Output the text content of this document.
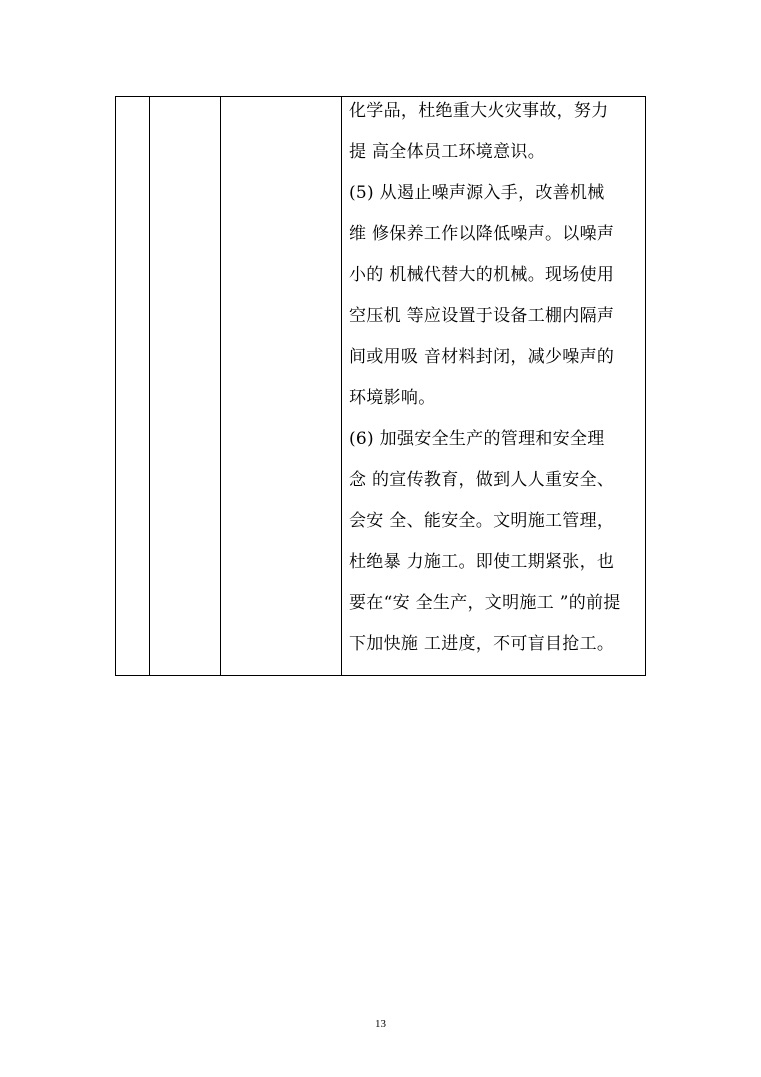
化学品，杜绝重大火灾事故，努力
提 高全体员工环境意识。
(5) 从遏止噪声源入手，改善机械
维 修保养工作以降低噪声。以噪声
小的 机械代替大的机械。现场使用
空压机 等应设置于设备工棚内隔声
间或用吸 音材料封闭，减少噪声的
环境影响。
(6) 加强安全生产的管理和安全理
念 的宣传教育，做到人人重安全、
会安 全、能安全。文明施工管理，
杜绝暴 力施工。即使工期紧张，也
要在“安 全生产，文明施工 ”的前提
下加快施 工进度，不可盲目抢工。
13
